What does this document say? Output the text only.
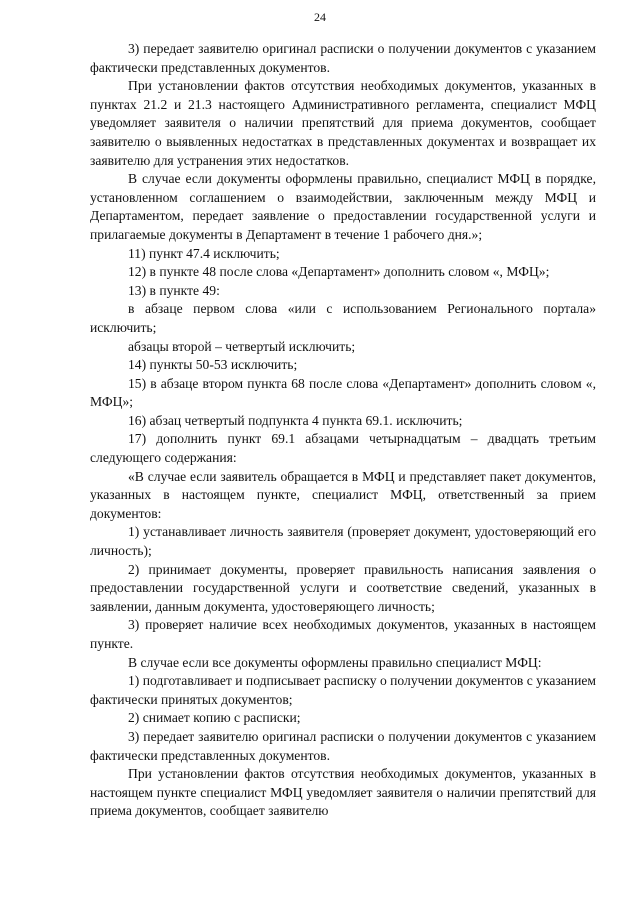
24

3) передает заявителю оригинал расписки о получении документов с указанием фактически представленных документов.

При установлении фактов отсутствия необходимых документов, указанных в пунктах 21.2 и 21.3 настоящего Административного регламента, специалист МФЦ уведомляет заявителя о наличии препятствий для приема документов, сообщает заявителю о выявленных недостатках в представленных документах и возвращает их заявителю для устранения этих недостатков.

В случае если документы оформлены правильно, специалист МФЦ в порядке, установленном соглашением о взаимодействии, заключенным между МФЦ и Департаментом, передает заявление о предоставлении государственной услуги и прилагаемые документы в Департамент в течение 1 рабочего дня.»;

11) пункт 47.4 исключить;

12) в пункте 48 после слова «Департамент» дополнить словом «, МФЦ»;

13) в пункте 49:

в абзаце первом слова «или с использованием Регионального портала» исключить;

абзацы второй – четвертый исключить;

14) пункты 50-53 исключить;

15) в абзаце втором пункта 68 после слова «Департамент» дополнить словом «, МФЦ»;

16) абзац четвертый подпункта 4 пункта 69.1. исключить;

17) дополнить пункт 69.1 абзацами четырнадцатым – двадцать третьим следующего содержания:

«В случае если заявитель обращается в МФЦ и представляет пакет документов, указанных в настоящем пункте, специалист МФЦ, ответственный за прием документов:

1) устанавливает личность заявителя (проверяет документ, удостоверяющий его личность);

2) принимает документы, проверяет правильность написания заявления о предоставлении государственной услуги и соответствие сведений, указанных в заявлении, данным документа, удостоверяющего личность;

3) проверяет наличие всех необходимых документов, указанных в настоящем пункте.

В случае если все документы оформлены правильно специалист МФЦ:

1) подготавливает и подписывает расписку о получении документов с указанием фактически принятых документов;

2) снимает копию с расписки;

3) передает заявителю оригинал расписки о получении документов с указанием фактически представленных документов.

При установлении фактов отсутствия необходимых документов, указанных в настоящем пункте специалист МФЦ уведомляет заявителя о наличии препятствий для приема документов, сообщает заявителю
